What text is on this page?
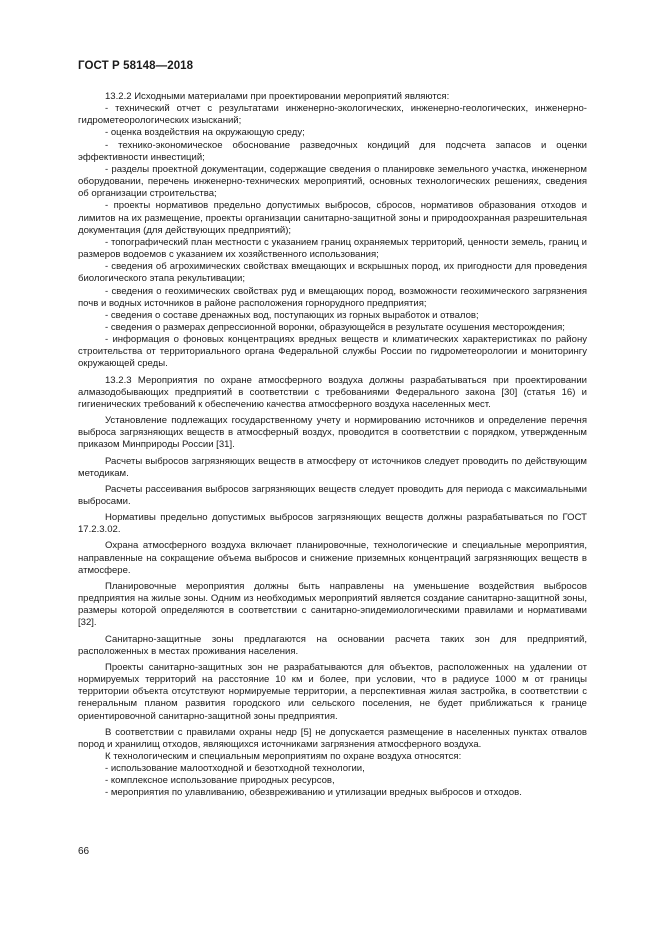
ГОСТ Р 58148—2018

13.2.2 Исходными материалами при проектировании мероприятий являются:

- технический отчет с результатами инженерно-экологических, инженерно-геологических, инженерно-гидрометеорологических изысканий;

- оценка воздействия на окружающую среду;

- технико-экономическое обоснование разведочных кондиций для подсчета запасов и оценки эффективности инвестиций;

- разделы проектной документации, содержащие сведения о планировке земельного участка, инженерном оборудовании, перечень инженерно-технических мероприятий, основных технологических решениях, сведения об организации строительства;

- проекты нормативов предельно допустимых выбросов, сбросов, нормативов образования отходов и лимитов на их размещение, проекты организации санитарно-защитной зоны и природоохранная разрешительная документация (для действующих предприятий);

- топографический план местности с указанием границ охраняемых территорий, ценности земель, границ и размеров водоемов с указанием их хозяйственного использования;

- сведения об агрохимических свойствах вмещающих и вскрышных пород, их пригодности для проведения биологического этапа рекультивации;

- сведения о геохимических свойствах руд и вмещающих пород, возможности геохимического загрязнения почв и водных источников в районе расположения горнорудного предприятия;

- сведения о составе дренажных вод, поступающих из горных выработок и отвалов;

- сведения о размерах депрессионной воронки, образующейся в результате осушения месторождения;

- информация о фоновых концентрациях вредных веществ и климатических характеристиках по району строительства от территориального органа Федеральной службы России по гидрометеорологии и мониторингу окружающей среды.

13.2.3 Мероприятия по охране атмосферного воздуха должны разрабатываться при проектировании алмазодобывающих предприятий в соответствии с требованиями Федерального закона [30] (статья 16) и гигиенических требований к обеспечению качества атмосферного воздуха населенных мест.

Установление подлежащих государственному учету и нормированию источников и определение перечня выброса загрязняющих веществ в атмосферный воздух, проводится в соответствии с порядком, утвержденным приказом Минприроды России [31].

Расчеты выбросов загрязняющих веществ в атмосферу от источников следует проводить по действующим методикам.

Расчеты рассеивания выбросов загрязняющих веществ следует проводить для периода с максимальными выбросами.

Нормативы предельно допустимых выбросов загрязняющих веществ должны разрабатываться по ГОСТ 17.2.3.02.

Охрана атмосферного воздуха включает планировочные, технологические и специальные мероприятия, направленные на сокращение объема выбросов и снижение приземных концентраций загрязняющих веществ в атмосфере.

Планировочные мероприятия должны быть направлены на уменьшение воздействия выбросов предприятия на жилые зоны. Одним из необходимых мероприятий является создание санитарно-защитной зоны, размеры которой определяются в соответствии с санитарно-эпидемиологическими правилами и нормативами [32].

Санитарно-защитные зоны предлагаются на основании расчета таких зон для предприятий, расположенных в местах проживания населения.

Проекты санитарно-защитных зон не разрабатываются для объектов, расположенных на удалении от нормируемых территорий на расстояние 10 км и более, при условии, что в радиусе 1000 м от границы территории объекта отсутствуют нормируемые территории, а перспективная жилая застройка, в соответствии с генеральным планом развития городского или сельского поселения, не будет приближаться к границе ориентировочной санитарно-защитной зоны предприятия.

В соответствии с правилами охраны недр [5] не допускается размещение в населенных пунктах отвалов пород и хранилищ отходов, являющихся источниками загрязнения атмосферного воздуха.

К технологическим и специальным мероприятиям по охране воздуха относятся:

- использование малоотходной и безотходной технологии,

- комплексное использование природных ресурсов,

- мероприятия по улавливанию, обезвреживанию и утилизации вредных выбросов и отходов.

66
